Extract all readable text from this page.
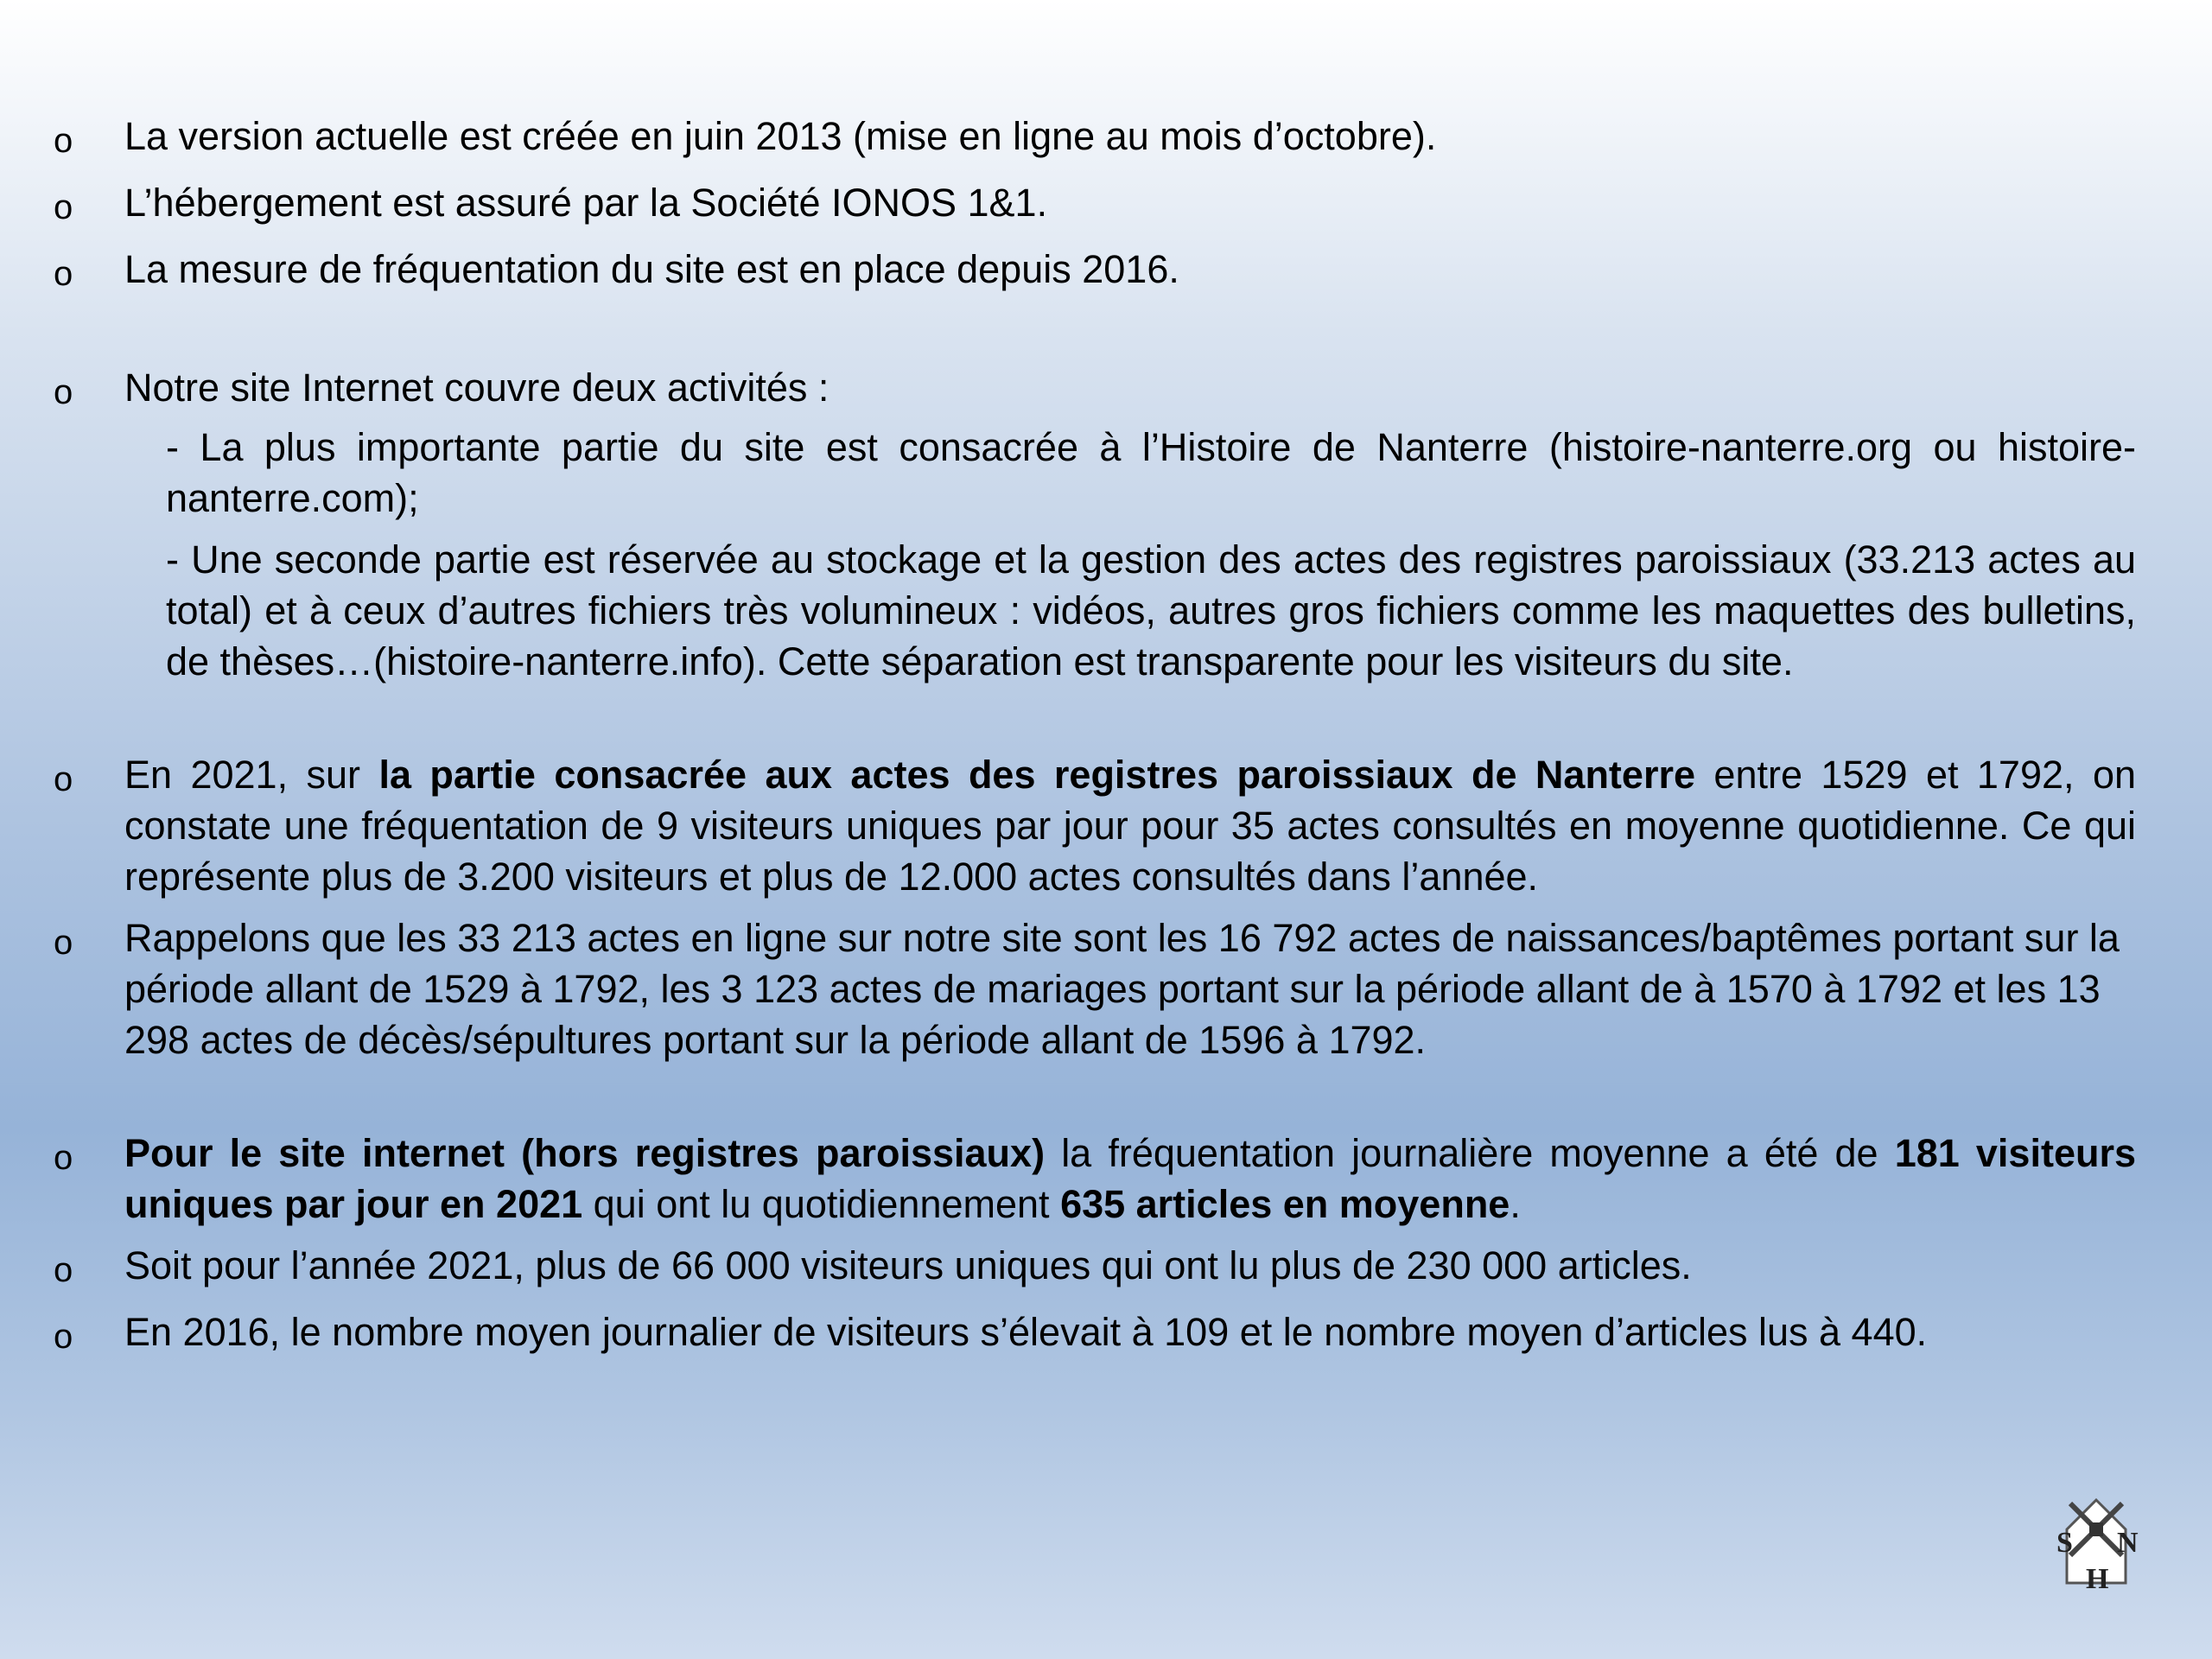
o	La version actuelle est créée en juin 2013 (mise en ligne au mois d’octobre).
o	L’hébergement est assuré par la Société IONOS 1&1.
o	La mesure de fréquentation du site est en place depuis 2016.
o	Notre site Internet couvre deux activités :
- La plus importante partie du site est consacrée à l’Histoire de Nanterre (histoire-nanterre.org ou histoire-nanterre.com);
- Une seconde partie est réservée au stockage et la gestion des actes des registres paroissiaux (33.213 actes au total) et à ceux d’autres fichiers très volumineux : vidéos, autres gros fichiers comme les maquettes des bulletins, de thèses…(histoire-nanterre.info). Cette séparation est transparente pour les visiteurs du site.
o	En 2021, sur la partie consacrée aux actes des registres paroissiaux de Nanterre entre 1529 et 1792, on constate une fréquentation de 9 visiteurs uniques par jour pour 35 actes consultés en moyenne quotidienne. Ce qui représente plus de 3.200 visiteurs et plus de 12.000 actes consultés dans l’année.
o	Rappelons que les 33 213 actes en ligne sur notre site sont les 16 792 actes de naissances/baptêmes portant sur la période allant de 1529 à 1792, les 3 123 actes de mariages portant sur la période allant de à 1570 à 1792 et les 13 298 actes de décès/sépultures portant sur la période allant de 1596 à 1792.
o	Pour le site internet (hors registres paroissiaux) la fréquentation journalière moyenne a été de 181 visiteurs uniques par jour en 2021 qui ont lu quotidiennement 635 articles en moyenne.
o	Soit pour l’année 2021, plus de 66 000 visiteurs uniques qui ont lu plus de 230 000 articles.
o	En 2016, le nombre moyen journalier de visiteurs s’élevait à 109 et le nombre moyen d’articles lus à 440.
S N
H
